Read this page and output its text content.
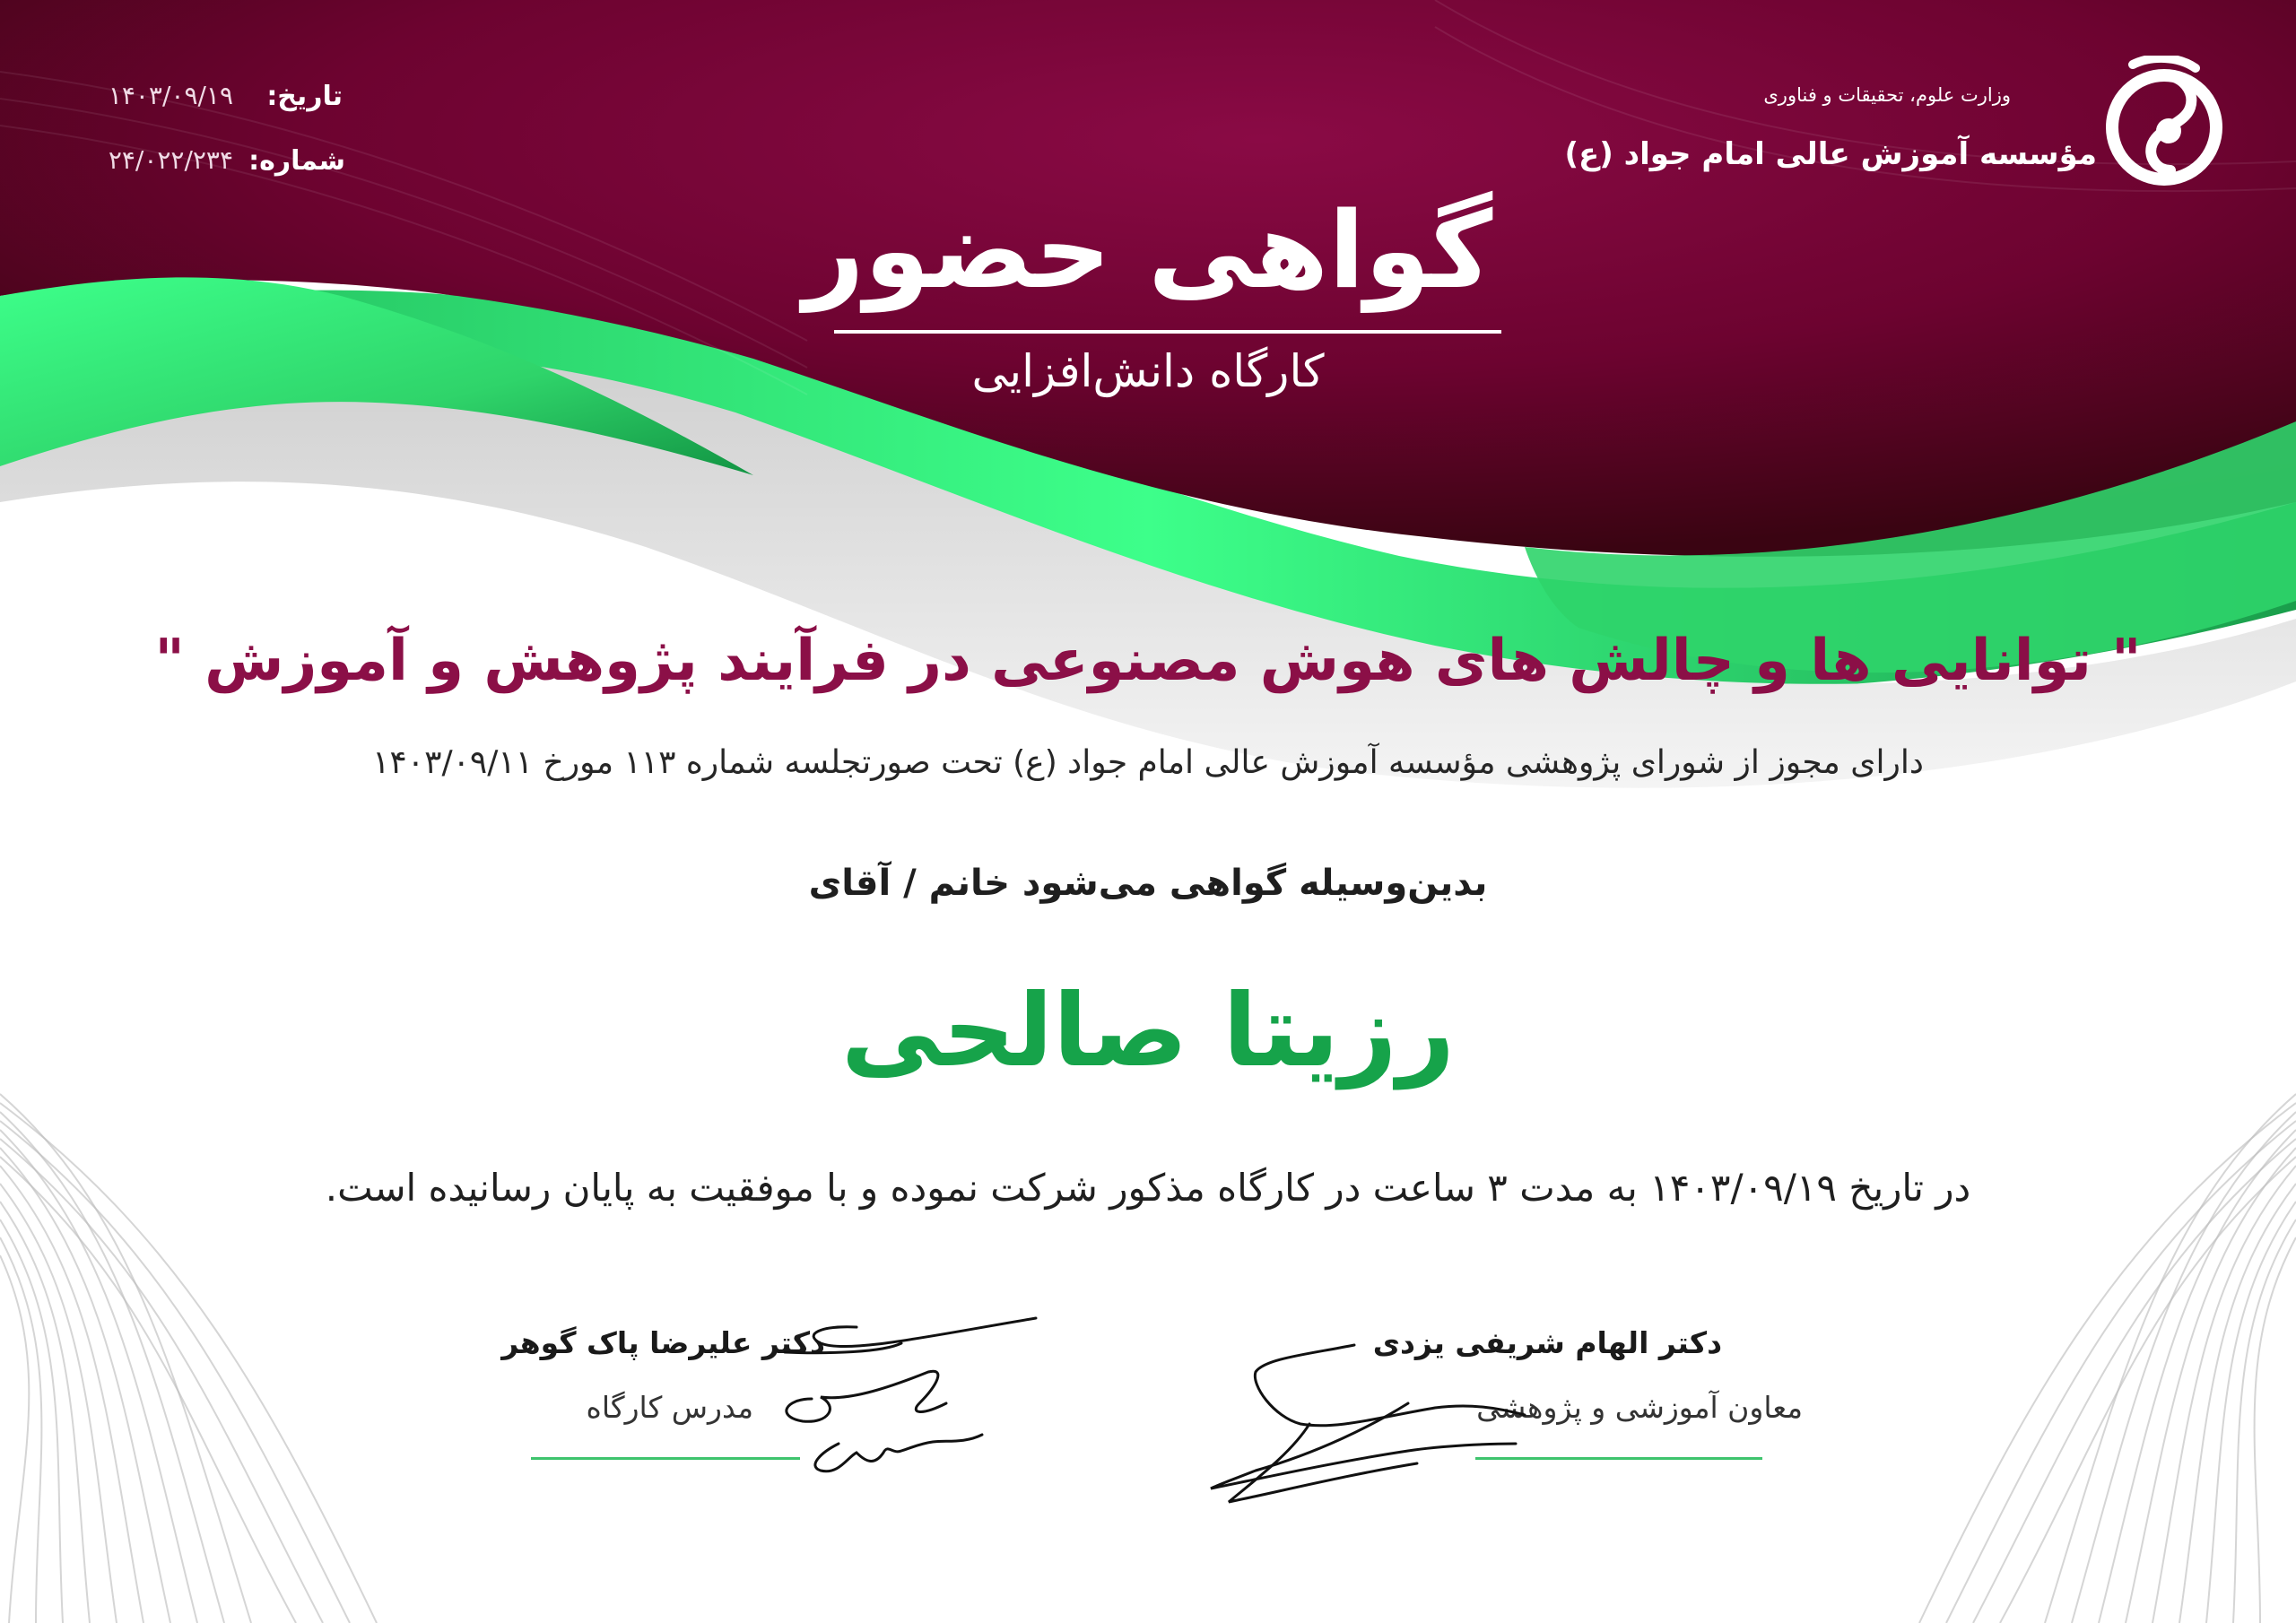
وزارت علوم، تحقیقات و فناوری
مؤسسه آموزش عالی امام جواد (ع)
تاریخ:
۱۴۰۳/۰۹/۱۹
شماره:
۲۴/۰۲۲/۲۳۴
گواهی حضور
کارگاه دانش‌افزایی
" توانایی ها و چالش های هوش مصنوعی در فرآیند پژوهش و آموزش "
دارای مجوز از شورای پژوهشی مؤسسه آموزش عالی امام جواد (ع) تحت صورتجلسه شماره ۱۱۳ مورخ ۱۴۰۳/۰۹/۱۱
بدین‌وسیله گواهی می‌شود خانم / آقای
رزیتا صالحی
در تاریخ ۱۴۰۳/۰۹/۱۹ به مدت ۳ ساعت در کارگاه مذکور شرکت نموده و با موفقیت به پایان رسانیده است.
دکتر الهام شریفی یزدی
معاون آموزشی و پژوهشی
دکتر علیرضا پاک گوهر
مدرس کارگاه
